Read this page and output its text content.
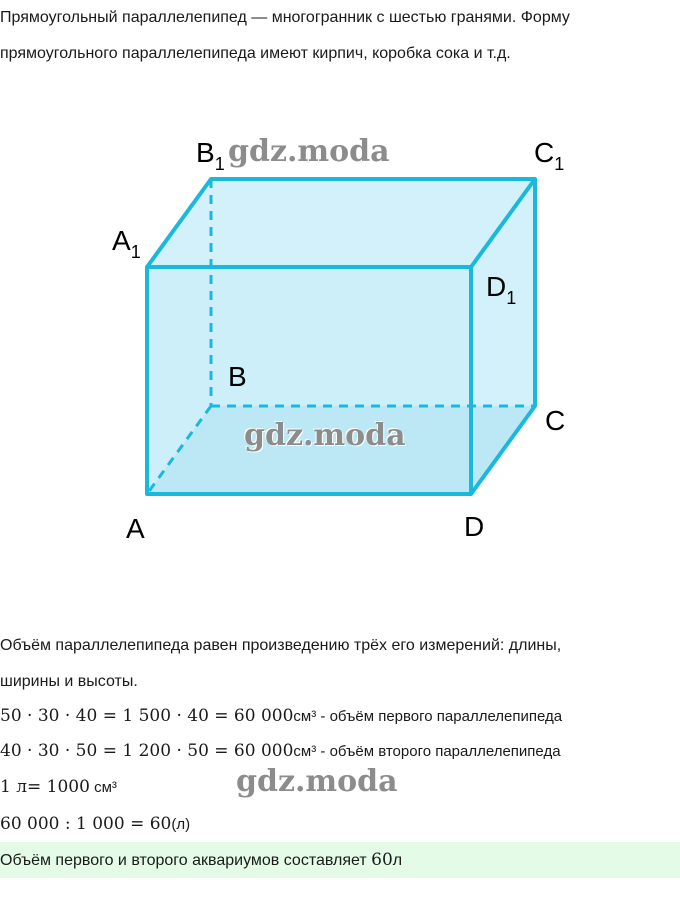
Прямоугольный параллелепипед — многогранник с шестью гранями. Форму
прямоугольного параллелепипеда имеют кирпич, коробка сока и т.д.
$B_1$	$C_1$
$A_1$
$D_1$
B
C
A	D
gdz.moda
gdz.moda
gdz.moda
Объём параллелепипеда равен произведению трёх его измерений: длины,
ширины и высоты.
50 · 30 · 40 = 1 500 · 40 = 60 000см³ - объём первого параллелепипеда
40 · 30 · 50 = 1 200 · 50 = 60 000см³ - объём второго параллелепипеда
1 л= 1000 см³
60 000 : 1 000 = 60(л)
Объём первого и второго аквариумов составляет 60л
